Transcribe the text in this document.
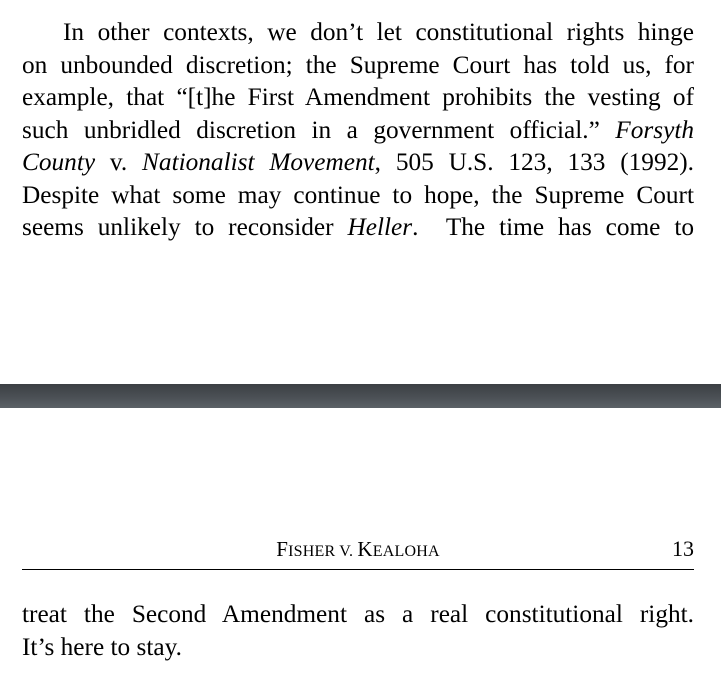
In other contexts, we don’t let constitutional rights hinge
on unbounded discretion; the Supreme Court has told us, for
example, that “[t]he First Amendment prohibits the vesting of
such unbridled discretion in a government official.” Forsyth
County v. Nationalist Movement, 505 U.S. 123, 133 (1992).
Despite what some may continue to hope, the Supreme Court
seems unlikely to reconsider Heller.  The time has come to

FISHER V. KEALOHA	13

treat the Second Amendment as a real constitutional right.
It’s here to stay.
